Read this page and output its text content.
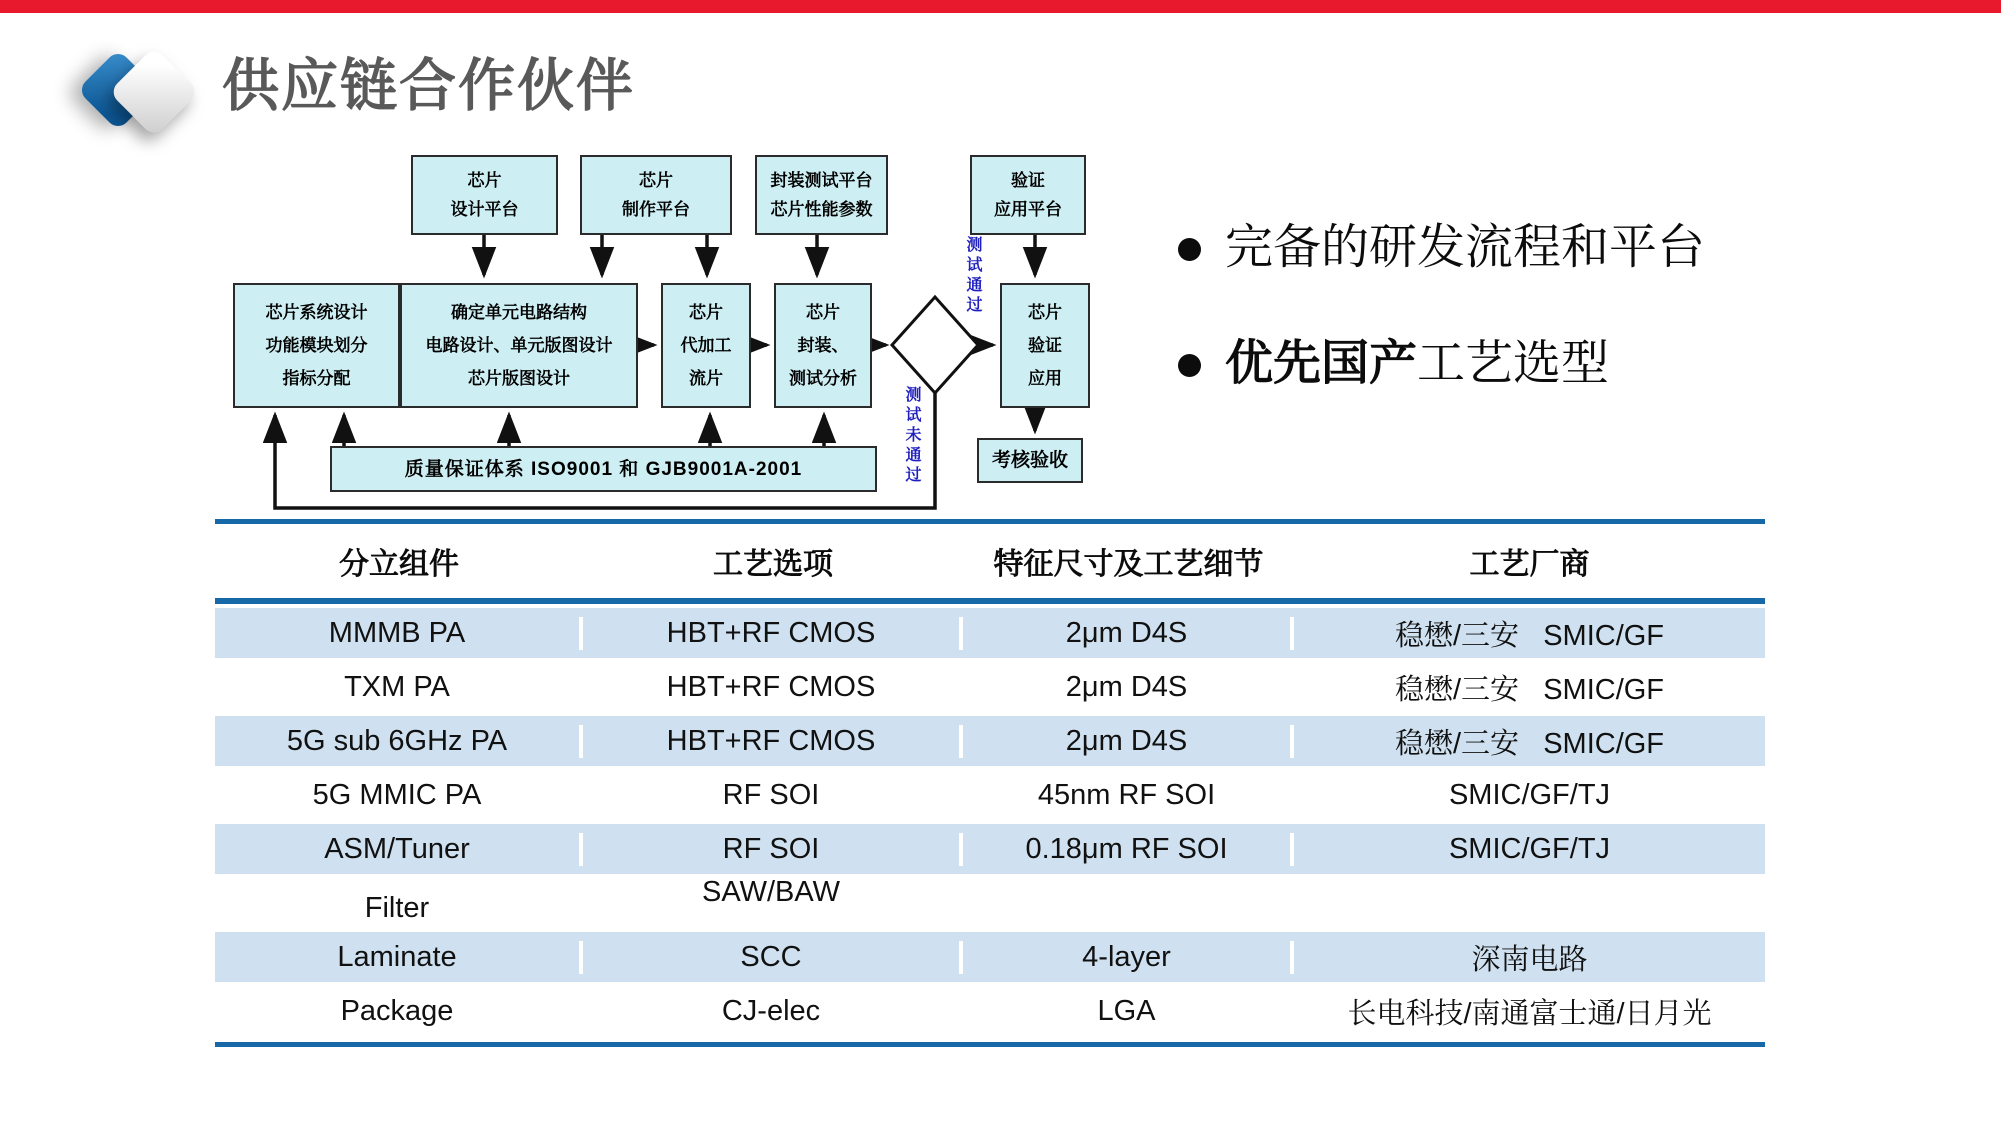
供应链合作伙伴
芯片
设计平台
芯片
制作平台
封装测试平台
芯片性能参数
验证
应用平台
芯片系统设计
功能模块划分
指标分配
确定单元电路结构
电路设计、单元版图设计
芯片版图设计
芯片
代加工
流片
芯片
封装、
测试分析
芯片
验证
应用
质量保证体系 ISO9001 和 GJB9001A-2001	考核验收
测试通过
测试未通过
完备的研发流程和平台
优先国产工艺选型
分立组件	工艺选项	特征尺寸及工艺细节	工艺厂商
MMMB PA	HBT+RF CMOS	2μm D4S	稳懋/三安   SMIC/GF
TXM PA	HBT+RF CMOS	2μm D4S	稳懋/三安   SMIC/GF
5G sub 6GHz PA	HBT+RF CMOS	2μm D4S	稳懋/三安   SMIC/GF
5G MMIC PA	RF SOI	45nm RF SOI	SMIC/GF/TJ
ASM/Tuner	RF SOI	0.18μm RF SOI	SMIC/GF/TJ
Filter	SAW/BAW
Laminate	SCC	4-layer	深南电路
Package	CJ-elec	LGA	长电科技/南通富士通/日月光
